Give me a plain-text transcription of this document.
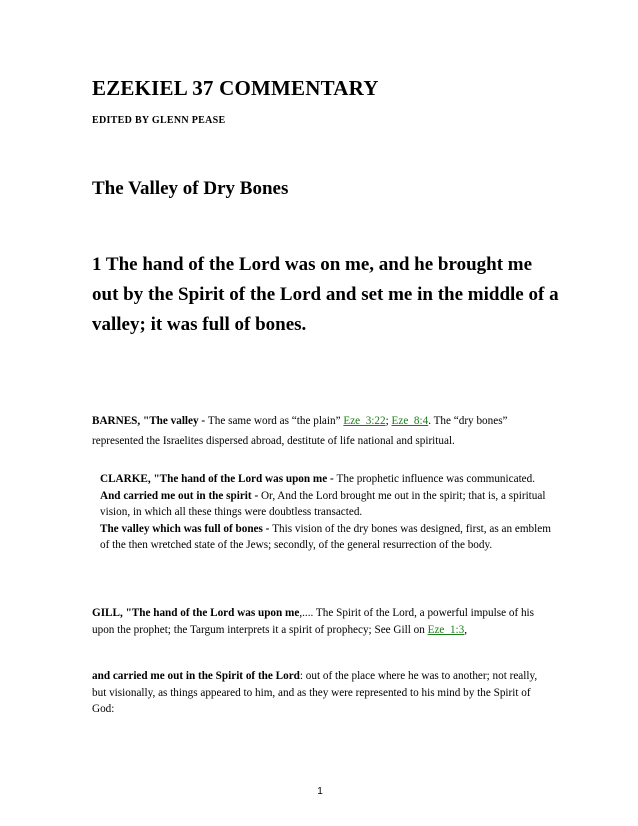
EZEKIEL 37 COMMENTARY
EDITED BY GLENN PEASE
The Valley of Dry Bones
1 The hand of the Lord was on me, and he brought me out by the Spirit of the Lord and set me in the middle of a valley; it was full of bones.
BARNES, "The valley - The same word as “the plain” Eze_3:22; Eze_8:4. The “dry bones” represented the Israelites dispersed abroad, destitute of life national and spiritual.
CLARKE, "The hand of the Lord was upon me - The prophetic influence was communicated.
And carried me out in the spirit - Or, And the Lord brought me out in the spirit; that is, a spiritual vision, in which all these things were doubtless transacted.
The valley which was full of bones - This vision of the dry bones was designed, first, as an emblem of the then wretched state of the Jews; secondly, of the general resurrection of the body.
GILL, "The hand of the Lord was upon me,.... The Spirit of the Lord, a powerful impulse of his upon the prophet; the Targum interprets it a spirit of prophecy; See Gill on Eze_1:3,
and carried me out in the Spirit of the Lord: out of the place where he was to another; not really, but visionally, as things appeared to him, and as they were represented to his mind by the Spirit of God:
1
